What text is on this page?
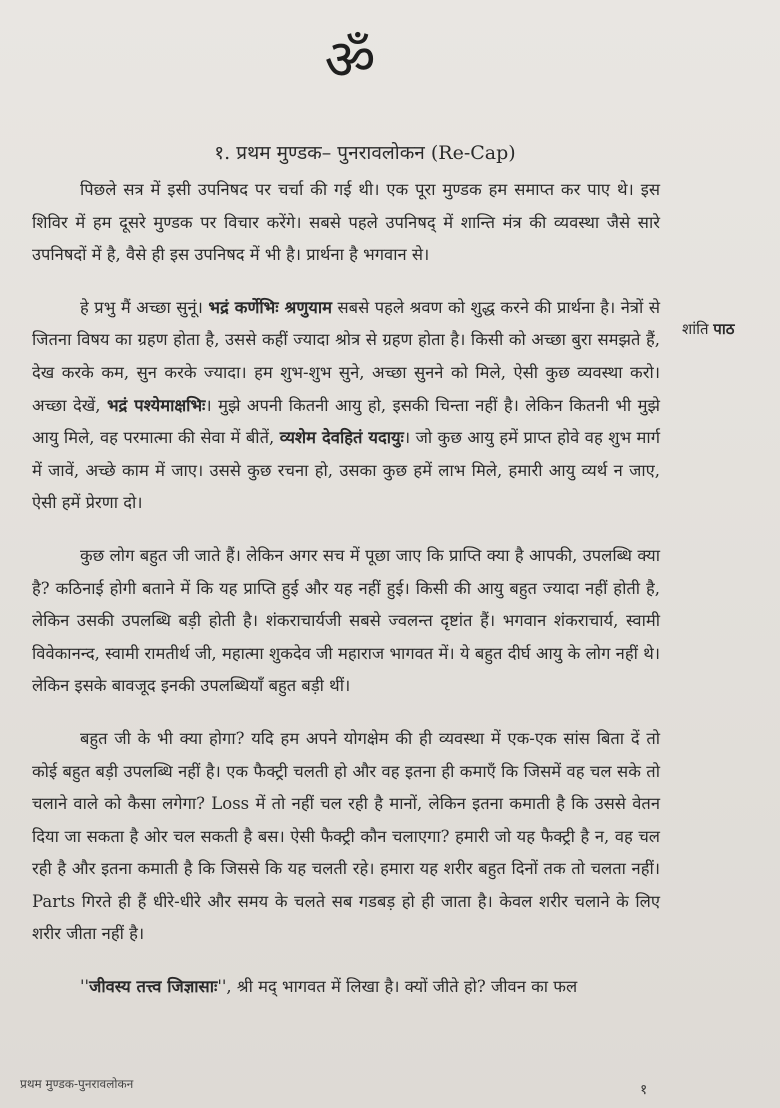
ॐ
१. प्रथम मुण्डक– पुनरावलोकन (Re-Cap)

पिछले सत्र में इसी उपनिषद पर चर्चा की गई थी। एक पूरा मुण्डक हम समाप्त कर पाए थे। इस शिविर में हम दूसरे मुण्डक पर विचार करेंगे। सबसे पहले उपनिषद् में शान्ति मंत्र की व्यवस्था जैसे सारे उपनिषदों में है, वैसे ही इस उपनिषद में भी है। प्रार्थना है भगवान से।

हे प्रभु मैं अच्छा सुनूं। भद्रं कर्णेभिः श्रणुयाम सबसे पहले श्रवण को शुद्ध करने की प्रार्थना है। नेत्रों से जितना विषय का ग्रहण होता है, उससे कहीं ज्यादा श्रोत्र से ग्रहण होता है। किसी को अच्छा बुरा समझते हैं, देख करके कम, सुन करके ज्यादा। हम शुभ-शुभ सुने, अच्छा सुनने को मिले, ऐसी कुछ व्यवस्था करो। अच्छा देखें, भद्रं पश्येमाक्षभिः। मुझे अपनी कितनी आयु हो, इसकी चिन्ता नहीं है। लेकिन कितनी भी मुझे आयु मिले, वह परमात्मा की सेवा में बीतें, व्यशेम देवहितं यदायुः। जो कुछ आयु हमें प्राप्त होवे वह शुभ मार्ग में जावें, अच्छे काम में जाए। उससे कुछ रचना हो, उसका कुछ हमें लाभ मिले, हमारी आयु व्यर्थ न जाए, ऐसी हमें प्रेरणा दो।

कुछ लोग बहुत जी जाते हैं। लेकिन अगर सच में पूछा जाए कि प्राप्ति क्या है आपकी, उपलब्धि क्या है? कठिनाई होगी बताने में कि यह प्राप्ति हुई और यह नहीं हुई। किसी की आयु बहुत ज्यादा नहीं होती है, लेकिन उसकी उपलब्धि बड़ी होती है। शंकराचार्यजी सबसे ज्वलन्त दृष्टांत हैं। भगवान शंकराचार्य, स्वामी विवेकानन्द, स्वामी रामतीर्थ जी, महात्मा शुकदेव जी महाराज भागवत में। ये बहुत दीर्घ आयु के लोग नहीं थे। लेकिन इसके बावजूद इनकी उपलब्धियाँ बहुत बड़ी थीं।

बहुत जी के भी क्या होगा? यदि हम अपने योगक्षेम की ही व्यवस्था में एक-एक सांस बिता दें तो कोई बहुत बड़ी उपलब्धि नहीं है। एक फैक्ट्री चलती हो और वह इतना ही कमाएँ कि जिसमें वह चल सके तो चलाने वाले को कैसा लगेगा? Loss में तो नहीं चल रही है मानों, लेकिन इतना कमाती है कि उससे वेतन दिया जा सकता है ओर चल सकती है बस। ऐसी फैक्ट्री कौन चलाएगा? हमारी जो यह फैक्ट्री है न, वह चल रही है और इतना कमाती है कि जिससे कि यह चलती रहे। हमारा यह शरीर बहुत दिनों तक तो चलता नहीं। Parts गिरते ही हैं धीरे-धीरे और समय के चलते सब गडबड़ हो ही जाता है। केवल शरीर चलाने के लिए शरीर जीता नहीं है।

''जीवस्य तत्त्व जिज्ञासाः'', श्री मद् भागवत में लिखा है। क्यों जीते हो? जीवन का फल

शांति पाठ
प्रथम मुण्डक-पुनरावलोकन	१
